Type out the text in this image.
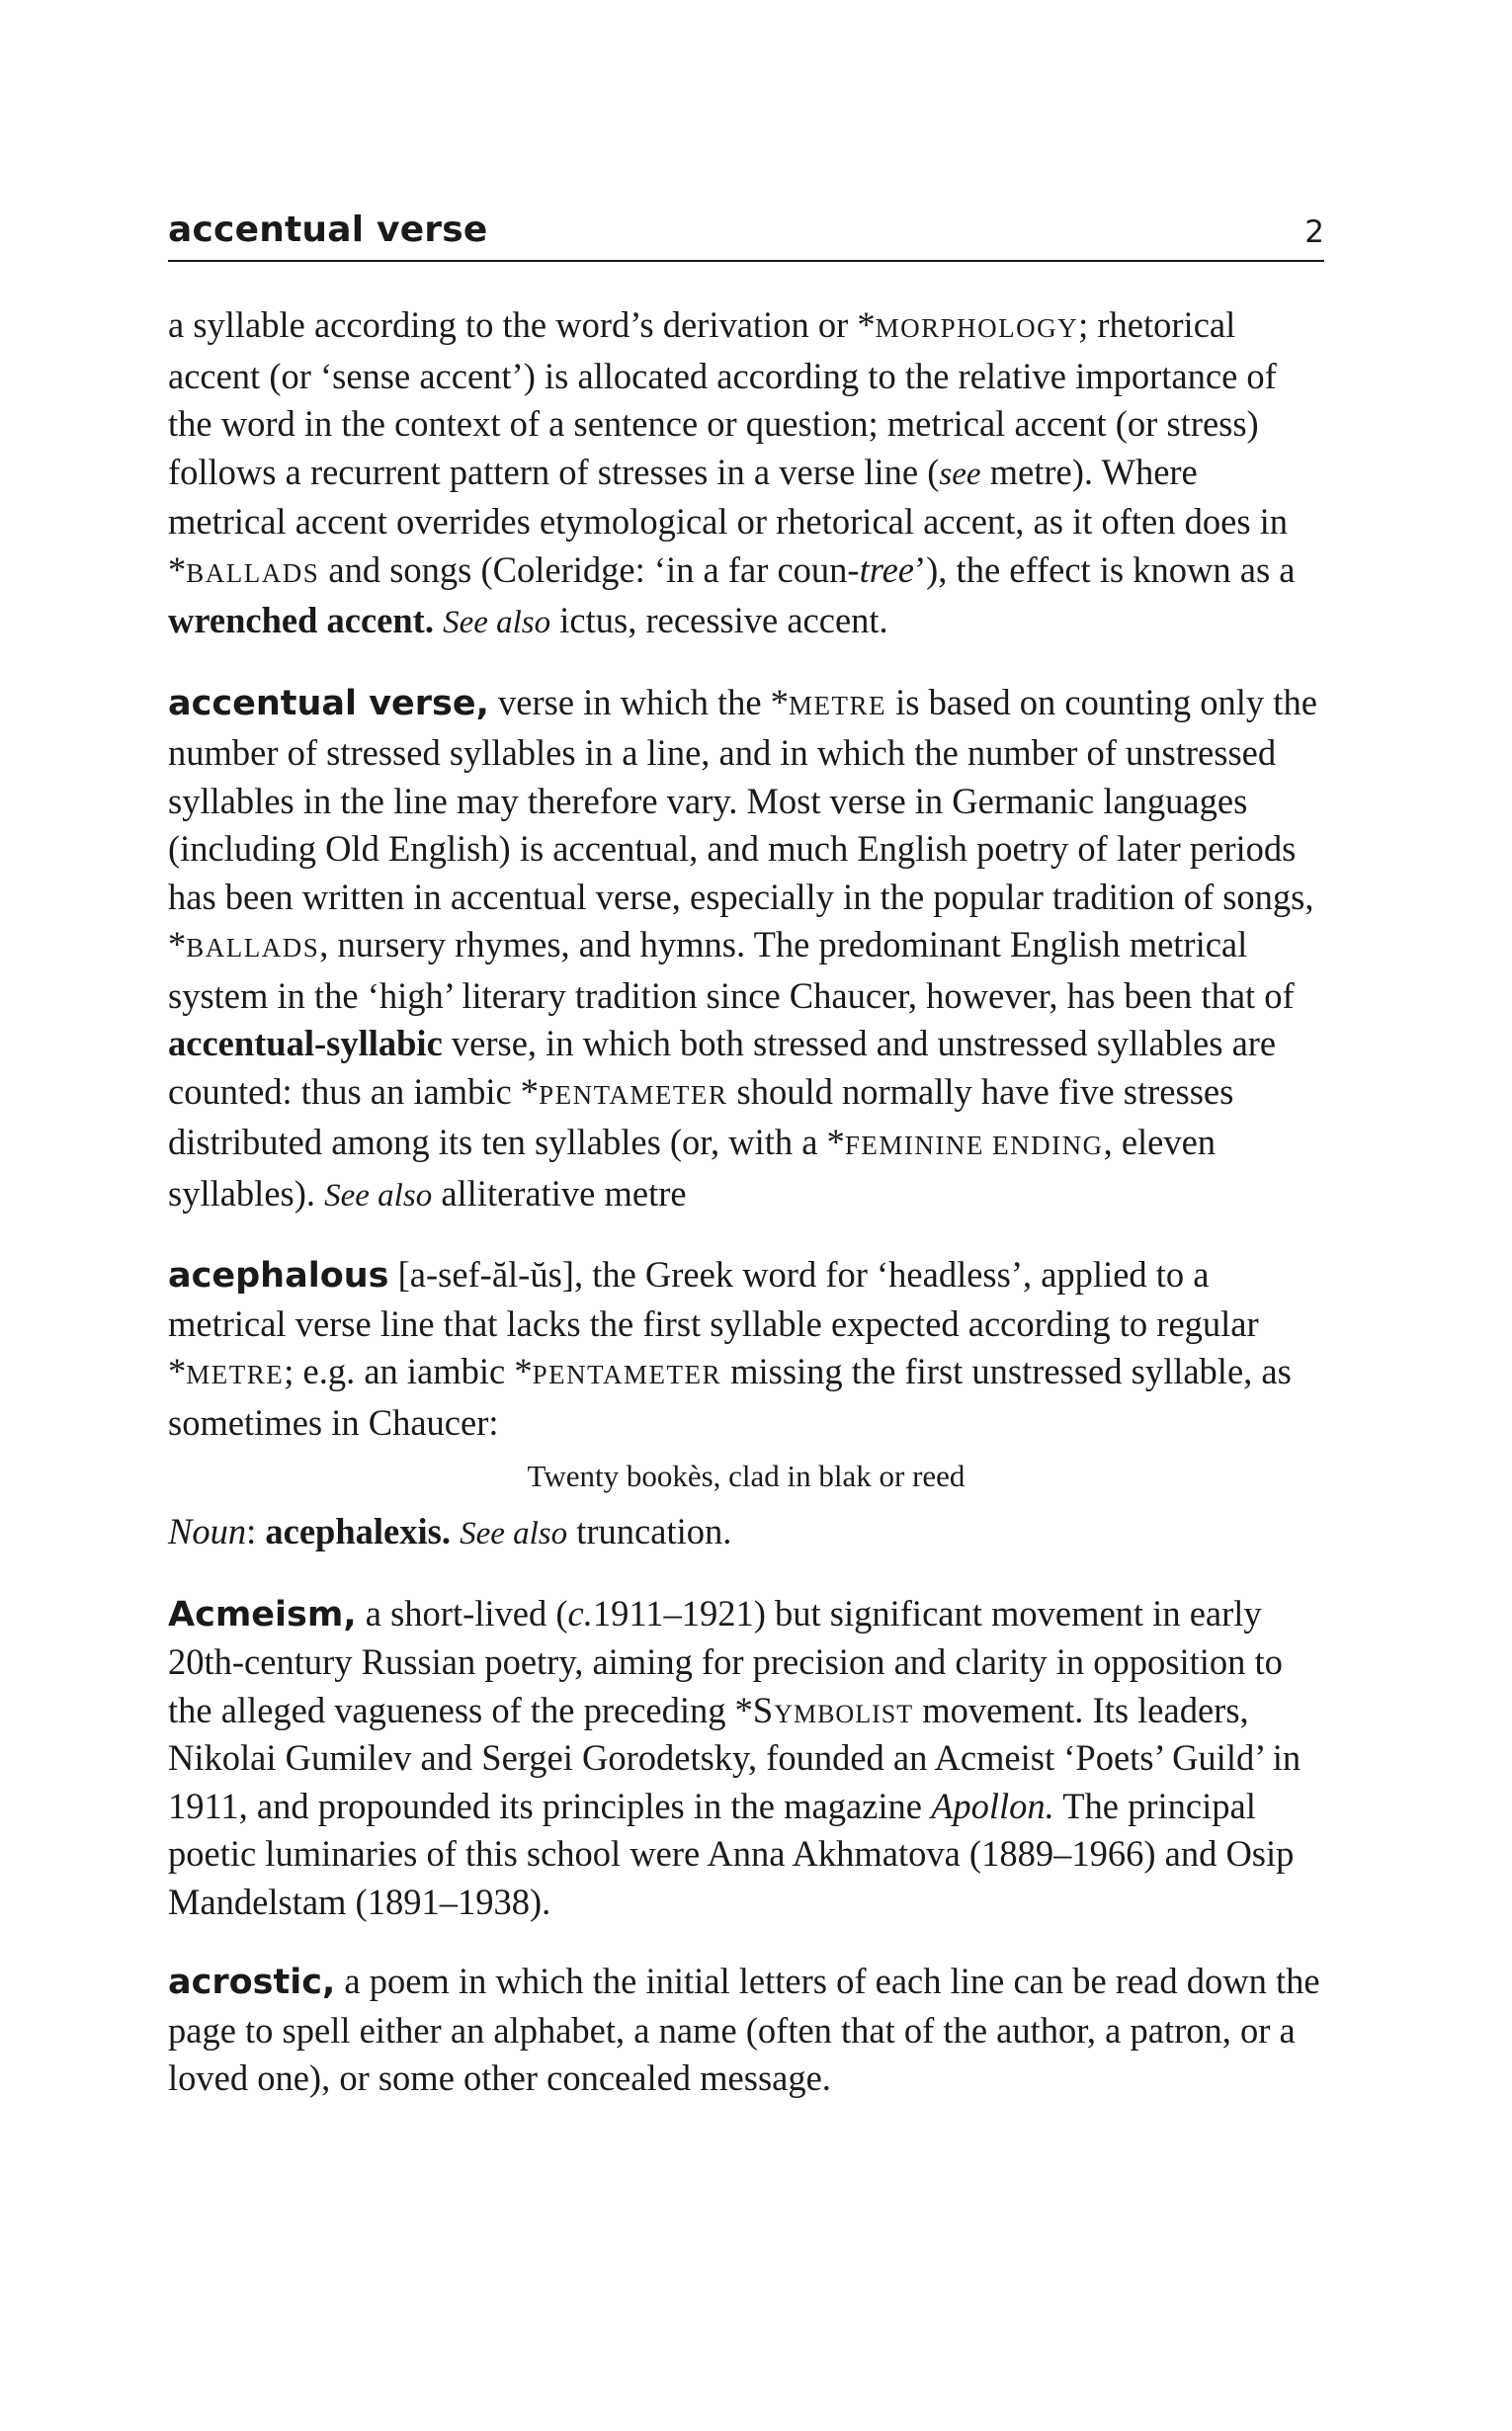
accentual verse	2

a syllable according to the word’s derivation or *MORPHOLOGY; rhetorical accent (or ‘sense accent’) is allocated according to the relative importance of the word in the context of a sentence or question; metrical accent (or stress) follows a recurrent pattern of stresses in a verse line (see metre). Where metrical accent overrides etymological or rhetorical accent, as it often does in *BALLADS and songs (Coleridge: ‘in a far coun-tree’), the effect is known as a wrenched accent. See also ictus, recessive accent.

accentual verse, verse in which the *METRE is based on counting only the number of stressed syllables in a line, and in which the number of unstressed syllables in the line may therefore vary. Most verse in Germanic languages (including Old English) is accentual, and much English poetry of later periods has been written in accentual verse, especially in the popular tradition of songs, *BALLADS, nursery rhymes, and hymns. The predominant English metrical system in the ‘high’ literary tradition since Chaucer, however, has been that of accentual-syllabic verse, in which both stressed and unstressed syllables are counted: thus an iambic *PENTAMETER should normally have five stresses distributed among its ten syllables (or, with a *FEMININE ENDING, eleven syllables). See also alliterative metre

acephalous [a-sef-ăl-ŭs], the Greek word for ‘headless’, applied to a metrical verse line that lacks the first syllable expected according to regular *METRE; e.g. an iambic *PENTAMETER missing the first unstressed syllable, as sometimes in Chaucer:

Twenty bookès, clad in blak or reed

Noun: acephalexis. See also truncation.

Acmeism, a short-lived (c.1911–1921) but significant movement in early 20th-century Russian poetry, aiming for precision and clarity in opposition to the alleged vagueness of the preceding *Symbolist movement. Its leaders, Nikolai Gumilev and Sergei Gorodetsky, founded an Acmeist ‘Poets’ Guild’ in 1911, and propounded its principles in the magazine Apollon. The principal poetic luminaries of this school were Anna Akhmatova (1889–1966) and Osip Mandelstam (1891–1938).

acrostic, a poem in which the initial letters of each line can be read down the page to spell either an alphabet, a name (often that of the author, a patron, or a loved one), or some other concealed message.
